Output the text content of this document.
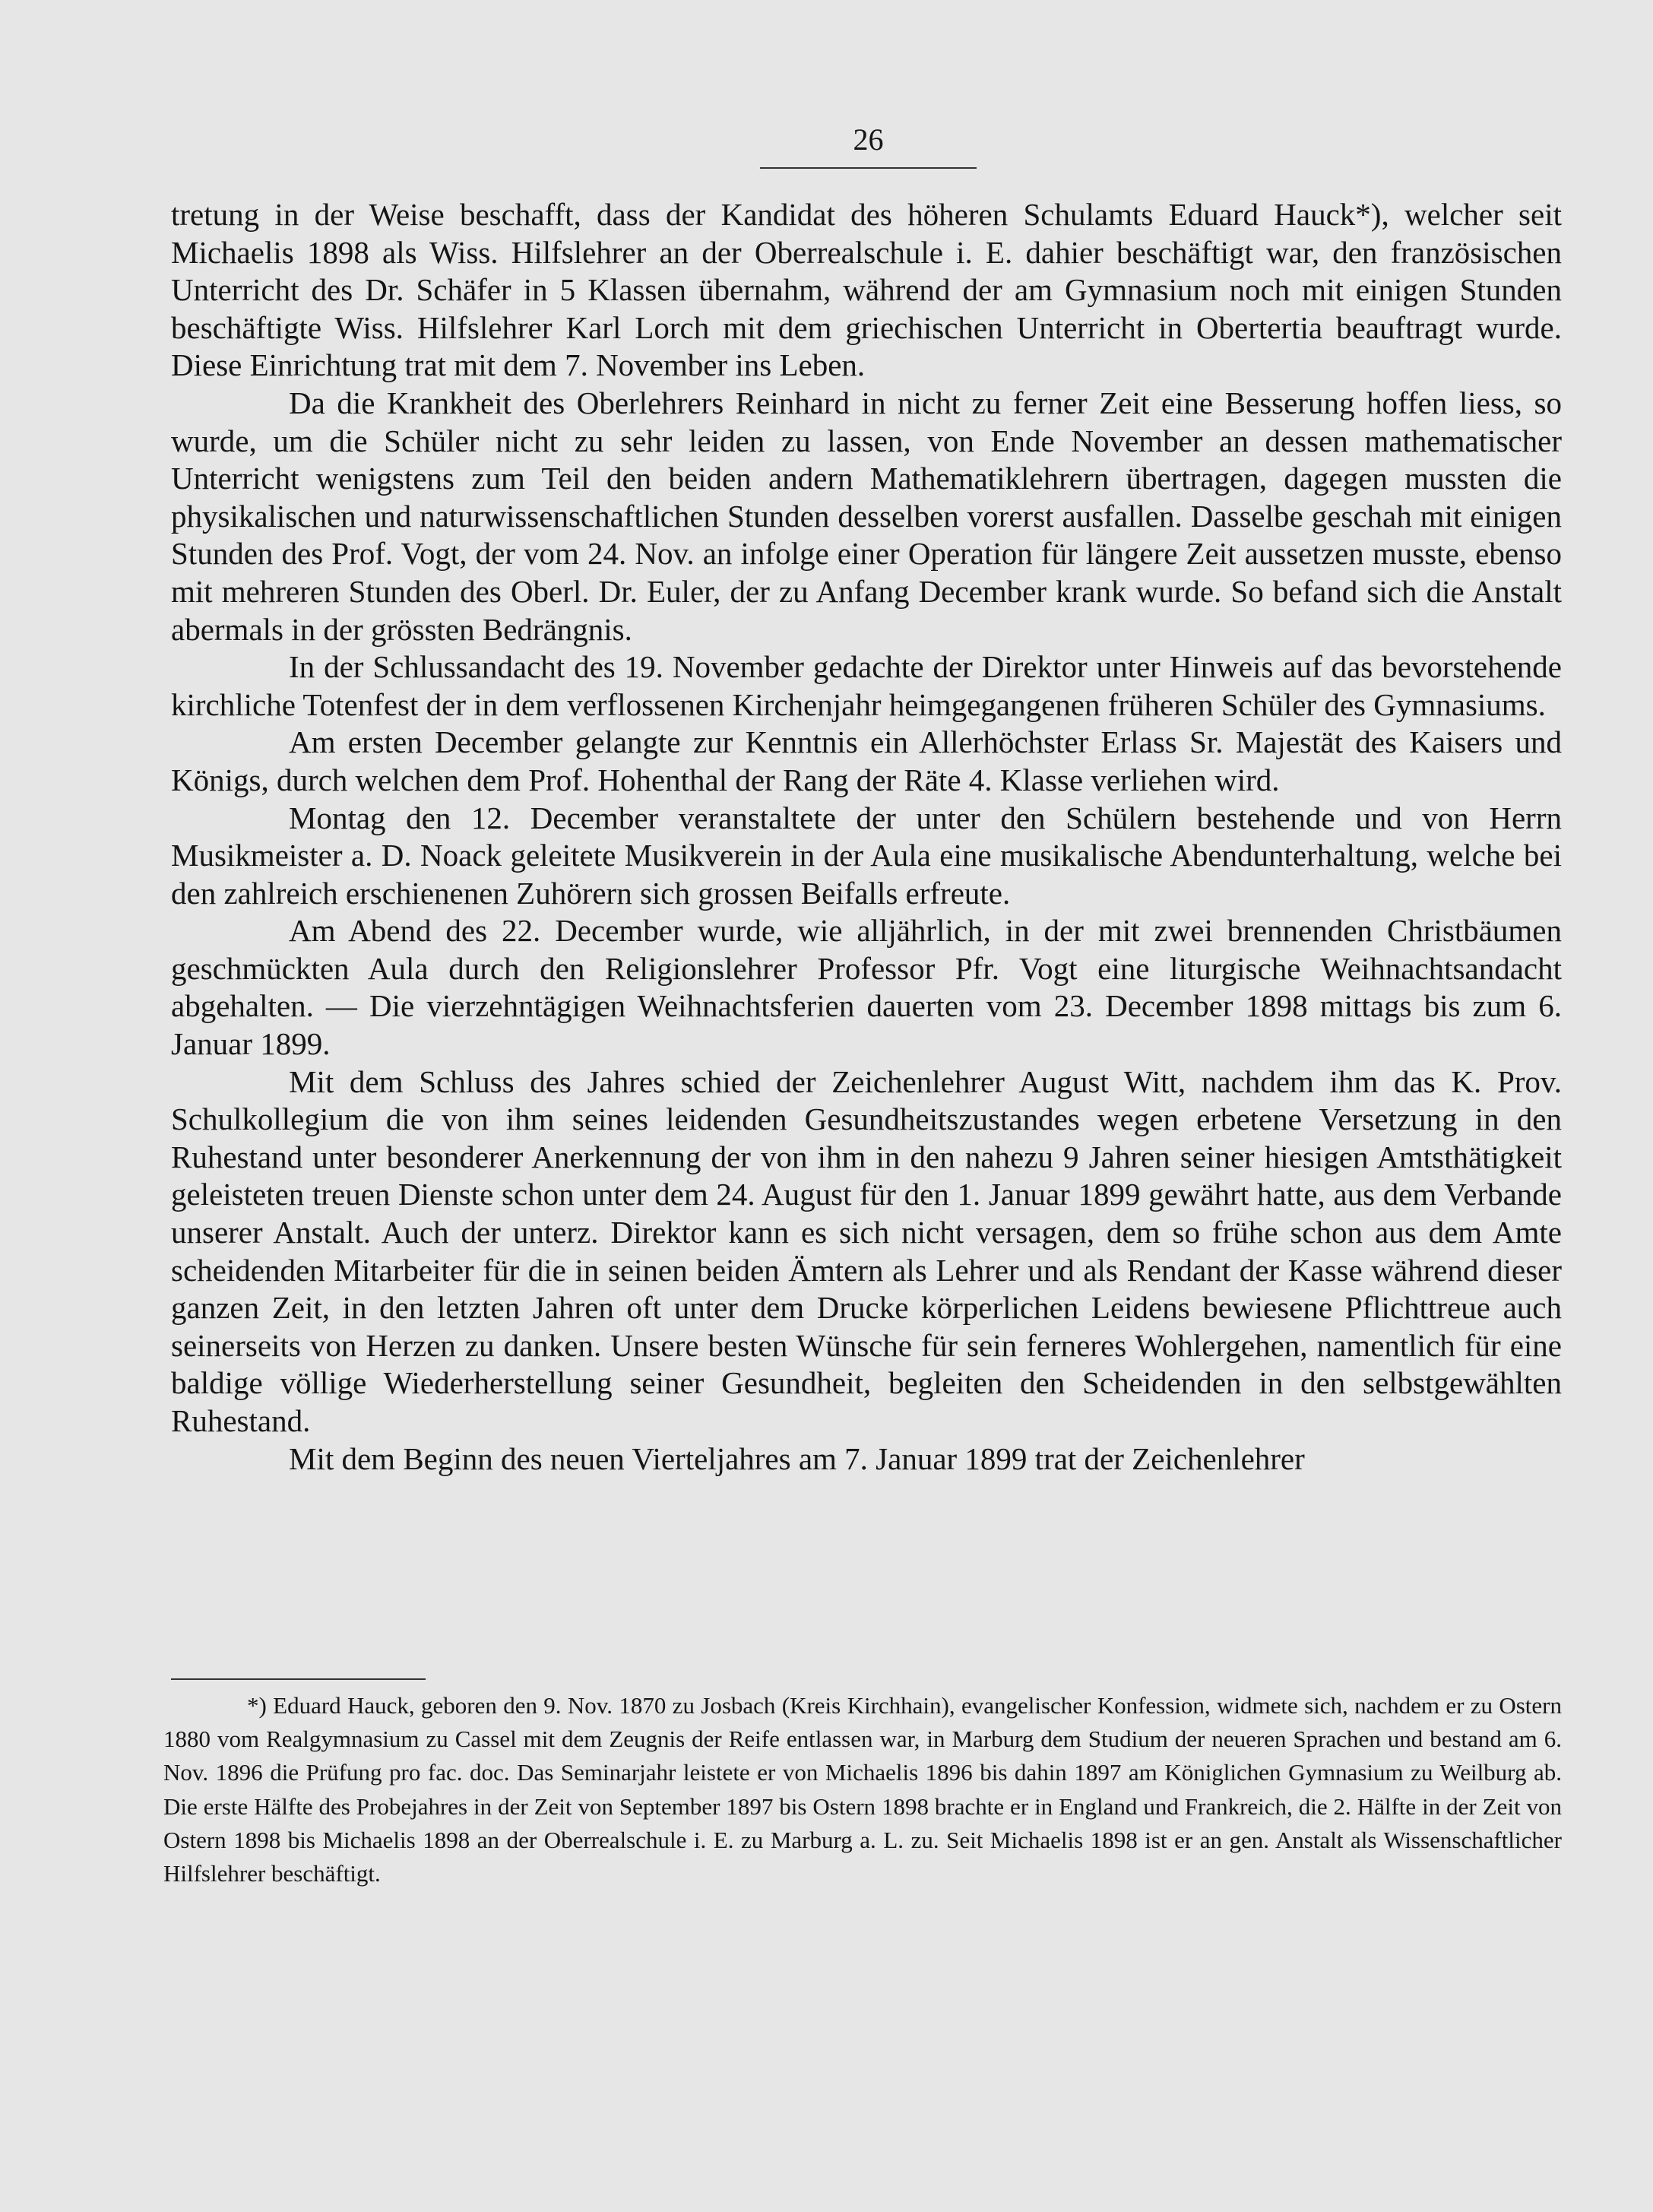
26

tretung in der Weise beschafft, dass der Kandidat des höheren Schulamts Eduard Hauck*), welcher seit Michaelis 1898 als Wiss. Hilfslehrer an der Oberrealschule i. E. dahier beschäftigt war, den französischen Unterricht des Dr. Schäfer in 5 Klassen übernahm, während der am Gymnasium noch mit einigen Stunden beschäftigte Wiss. Hilfslehrer Karl Lorch mit dem griechischen Unterricht in Obertertia beauftragt wurde. Diese Einrichtung trat mit dem 7. November ins Leben.

Da die Krankheit des Oberlehrers Reinhard in nicht zu ferner Zeit eine Besserung hoffen liess, so wurde, um die Schüler nicht zu sehr leiden zu lassen, von Ende November an dessen mathematischer Unterricht wenigstens zum Teil den beiden andern Mathematiklehrern übertragen, dagegen mussten die physikalischen und naturwissenschaftlichen Stunden desselben vorerst ausfallen. Dasselbe geschah mit einigen Stunden des Prof. Vogt, der vom 24. Nov. an infolge einer Operation für längere Zeit aussetzen musste, ebenso mit mehreren Stunden des Oberl. Dr. Euler, der zu Anfang December krank wurde. So befand sich die Anstalt abermals in der grössten Bedrängnis.

In der Schlussandacht des 19. November gedachte der Direktor unter Hinweis auf das bevorstehende kirchliche Totenfest der in dem verflossenen Kirchenjahr heimgegangenen früheren Schüler des Gymnasiums.

Am ersten December gelangte zur Kenntnis ein Allerhöchster Erlass Sr. Majestät des Kaisers und Königs, durch welchen dem Prof. Hohenthal der Rang der Räte 4. Klasse verliehen wird.

Montag den 12. December veranstaltete der unter den Schülern bestehende und von Herrn Musikmeister a. D. Noack geleitete Musikverein in der Aula eine musikalische Abendunterhaltung, welche bei den zahlreich erschienenen Zuhörern sich grossen Beifalls erfreute.

Am Abend des 22. December wurde, wie alljährlich, in der mit zwei brennenden Christbäumen geschmückten Aula durch den Religionslehrer Professor Pfr. Vogt eine liturgische Weihnachtsandacht abgehalten. — Die vierzehntägigen Weihnachtsferien dauerten vom 23. December 1898 mittags bis zum 6. Januar 1899.

Mit dem Schluss des Jahres schied der Zeichenlehrer August Witt, nachdem ihm das K. Prov. Schulkollegium die von ihm seines leidenden Gesundheitszustandes wegen erbetene Versetzung in den Ruhestand unter besonderer Anerkennung der von ihm in den nahezu 9 Jahren seiner hiesigen Amtsthätigkeit geleisteten treuen Dienste schon unter dem 24. August für den 1. Januar 1899 gewährt hatte, aus dem Verbande unserer Anstalt. Auch der unterz. Direktor kann es sich nicht versagen, dem so frühe schon aus dem Amte scheidenden Mitarbeiter für die in seinen beiden Ämtern als Lehrer und als Rendant der Kasse während dieser ganzen Zeit, in den letzten Jahren oft unter dem Drucke körperlichen Leidens bewiesene Pflichttreue auch seinerseits von Herzen zu danken. Unsere besten Wünsche für sein ferneres Wohlergehen, namentlich für eine baldige völlige Wiederherstellung seiner Gesundheit, begleiten den Scheidenden in den selbstgewählten Ruhestand.

Mit dem Beginn des neuen Vierteljahres am 7. Januar 1899 trat der Zeichenlehrer

*) Eduard Hauck, geboren den 9. Nov. 1870 zu Josbach (Kreis Kirchhain), evangelischer Konfession, widmete sich, nachdem er zu Ostern 1880 vom Realgymnasium zu Cassel mit dem Zeugnis der Reife entlassen war, in Marburg dem Studium der neueren Sprachen und bestand am 6. Nov. 1896 die Prüfung pro fac. doc. Das Seminarjahr leistete er von Michaelis 1896 bis dahin 1897 am Königlichen Gymnasium zu Weilburg ab. Die erste Hälfte des Probejahres in der Zeit von September 1897 bis Ostern 1898 brachte er in England und Frankreich, die 2. Hälfte in der Zeit von Ostern 1898 bis Michaelis 1898 an der Oberrealschule i. E. zu Marburg a. L. zu. Seit Michaelis 1898 ist er an gen. Anstalt als Wissenschaftlicher Hilfslehrer beschäftigt.
